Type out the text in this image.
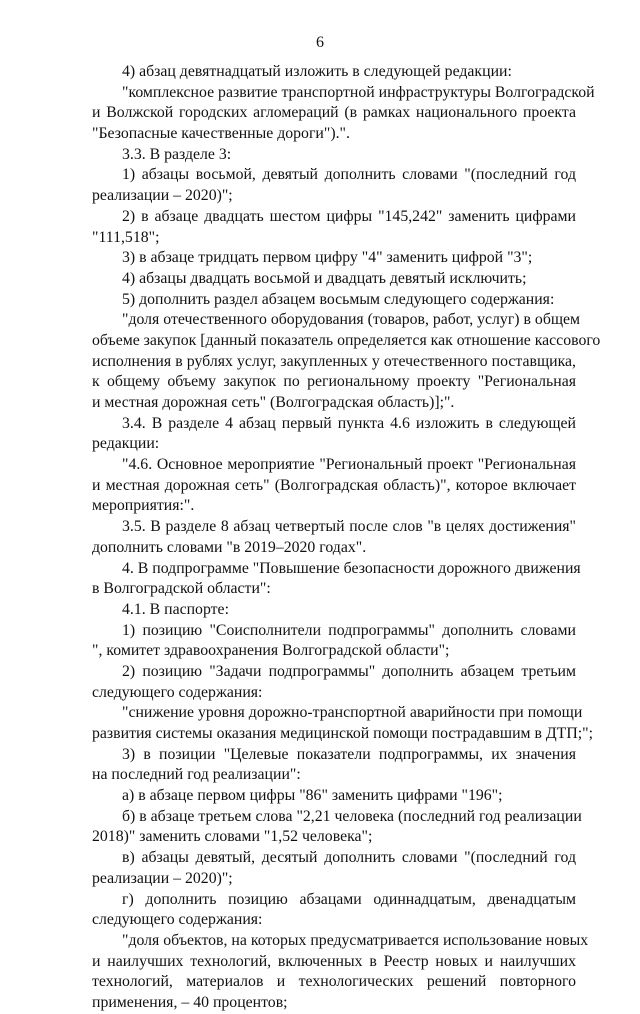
6
4) абзац девятнадцатый изложить в следующей редакции:
"комплексное развитие транспортной инфраструктуры Волгоградской
и Волжской городских агломераций (в рамках национального проекта
"Безопасные качественные дороги").".
3.3. В разделе 3:
1) абзацы восьмой, девятый дополнить словами "(последний год
реализации – 2020)";
2) в абзаце двадцать шестом цифры "145,242" заменить цифрами
"111,518";
3) в абзаце тридцать первом цифру "4" заменить цифрой "3";
4) абзацы двадцать восьмой и двадцать девятый исключить;
5) дополнить раздел абзацем восьмым следующего содержания:
"доля отечественного оборудования (товаров, работ, услуг) в общем
объеме закупок [данный показатель определяется как отношение кассового
исполнения в рублях услуг, закупленных у отечественного поставщика,
к общему объему закупок по региональному проекту "Региональная
и местная дорожная сеть" (Волгоградская область)];".
3.4. В разделе 4 абзац первый пункта 4.6 изложить в следующей
редакции:
"4.6. Основное мероприятие "Региональный проект "Региональная
и местная дорожная сеть" (Волгоградская область)", которое включает
мероприятия:".
3.5. В разделе 8 абзац четвертый после слов "в целях достижения"
дополнить словами "в 2019–2020 годах".
4. В подпрограмме "Повышение безопасности дорожного движения
в Волгоградской области":
4.1. В паспорте:
1) позицию "Соисполнители подпрограммы" дополнить словами
", комитет здравоохранения Волгоградской области";
2) позицию "Задачи подпрограммы" дополнить абзацем третьим
следующего содержания:
"снижение уровня дорожно-транспортной аварийности при помощи
развития системы оказания медицинской помощи пострадавшим в ДТП;";
3) в позиции "Целевые показатели подпрограммы, их значения
на последний год реализации":
а) в абзаце первом цифры "86" заменить цифрами "196";
б) в абзаце третьем слова "2,21 человека (последний год реализации
2018)" заменить словами "1,52 человека";
в) абзацы девятый, десятый дополнить словами "(последний год
реализации – 2020)";
г) дополнить позицию абзацами одиннадцатым, двенадцатым
следующего содержания:
"доля объектов, на которых предусматривается использование новых
и наилучших технологий, включенных в Реестр новых и наилучших
технологий, материалов и технологических решений повторного
применения, – 40 процентов;
